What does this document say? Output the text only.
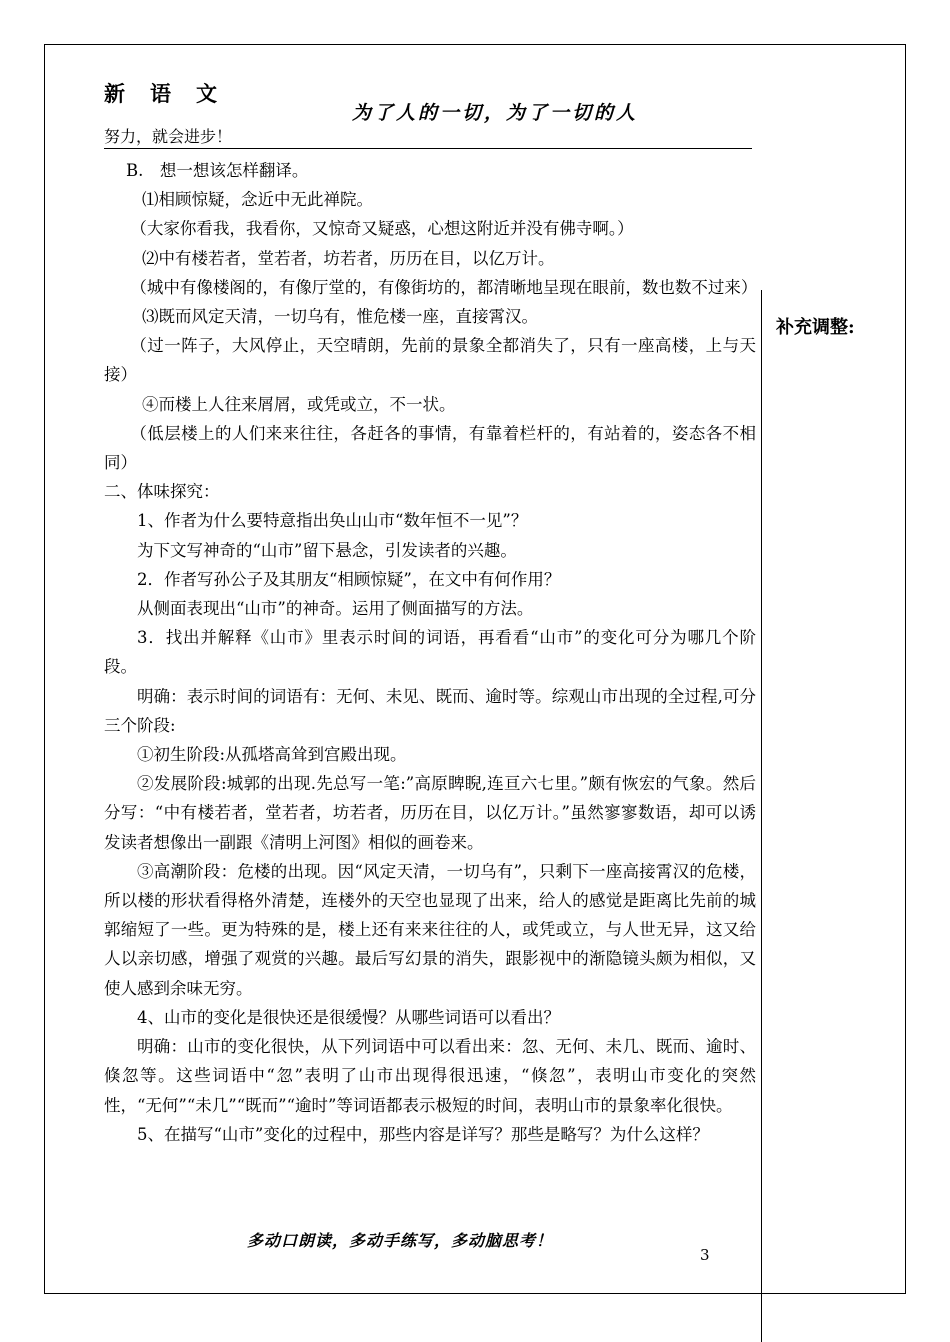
新语文
为了人的一切，为了一切的人
努力，就会进步！
补充调整:

B.　想一想该怎样翻译。

⑴相顾惊疑，念近中无此禅院。

（大家你看我，我看你，又惊奇又疑惑，心想这附近并没有佛寺啊。）

⑵中有楼若者，堂若者，坊若者，历历在目，以亿万计。

（城中有像楼阁的，有像厅堂的，有像街坊的，都清晰地呈现在眼前，数也数不过来）

⑶既而风定天清，一切乌有，惟危楼一座，直接霄汉。

（过一阵子，大风停止，天空晴朗，先前的景象全都消失了，只有一座高楼，上与天接）

④而楼上人往来屑屑，或凭或立，不一状。

（低层楼上的人们来来往往，各赶各的事情，有靠着栏杆的，有站着的，姿态各不相同）

二、体味探究：

1、作者为什么要特意指出奂山山市“数年恒不一见”？

为下文写神奇的“山市”留下悬念，引发读者的兴趣。

2．作者写孙公子及其朋友“相顾惊疑”，在文中有何作用？

从侧面表现出“山市”的神奇。运用了侧面描写的方法。

3．找出并解释《山市》里表示时间的词语，再看看“山市”的变化可分为哪几个阶段。

明确：表示时间的词语有：无何、未见、既而、逾时等。综观山市出现的全过程,可分三个阶段:

①初生阶段:从孤塔高耸到宫殿出现。

②发展阶段:城郭的出现.先总写一笔:”高原睥睨,连亘六七里。”颇有恢宏的气象。然后分写：“中有楼若者，堂若者，坊若者，历历在目，以亿万计。”虽然寥寥数语，却可以诱发读者想像出一副跟《清明上河图》相似的画卷来。

③高潮阶段：危楼的出现。因“风定天清，一切乌有”，只剩下一座高接霄汉的危楼，所以楼的形状看得格外清楚，连楼外的天空也显现了出来，给人的感觉是距离比先前的城郭缩短了一些。更为特殊的是，楼上还有来来往往的人，或凭或立，与人世无异，这又给人以亲切感，增强了观赏的兴趣。最后写幻景的消失，跟影视中的渐隐镜头颇为相似，又使人感到余味无穷。

4、山市的变化是很快还是很缓慢？从哪些词语可以看出？

明确：山市的变化很快，从下列词语中可以看出来：忽、无何、未几、既而、逾时、倏忽等。这些词语中“忽”表明了山市出现得很迅速，“倏忽”，表明山市变化的突然性，“无何”“未几”“既而”“逾时”等词语都表示极短的时间，表明山市的景象率化很快。

5、在描写“山市”变化的过程中，那些内容是详写？那些是略写？为什么这样？

多动口朗读，多动手练写，多动脑思考！
3
